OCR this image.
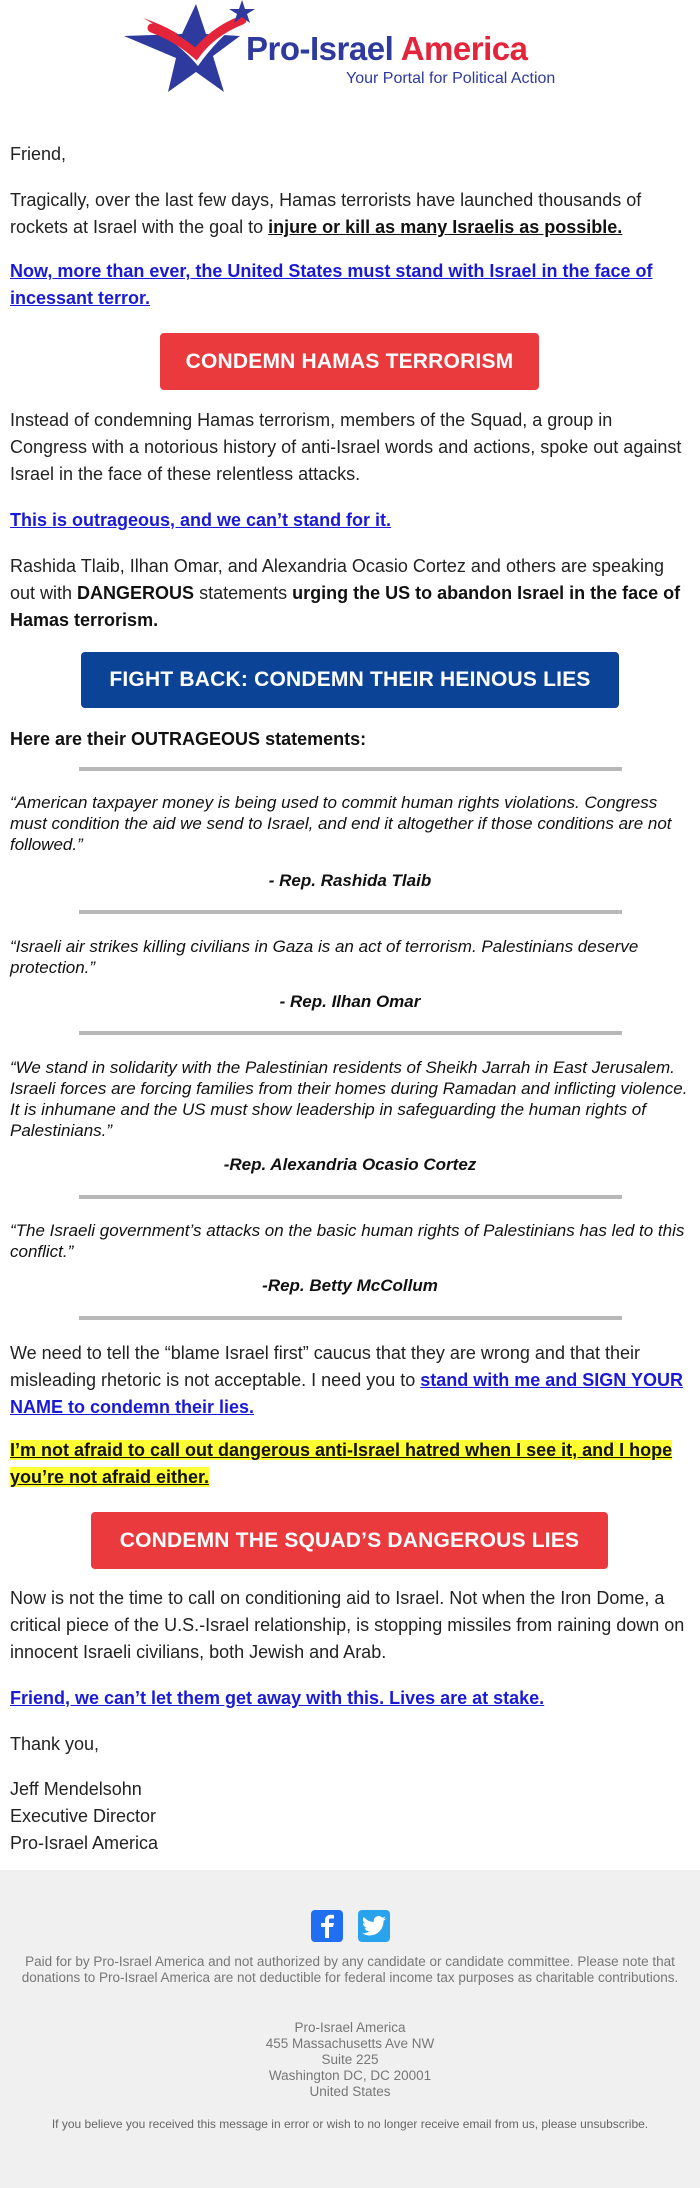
Pro-Israel America
Your Portal for Political Action
Friend,
Tragically, over the last few days, Hamas terrorists have launched thousands of rockets at Israel with the goal to injure or kill as many Israelis as possible.
Now, more than ever, the United States must stand with Israel in the face of incessant terror.
CONDEMN HAMAS TERRORISM
Instead of condemning Hamas terrorism, members of the Squad, a group in Congress with a notorious history of anti-Israel words and actions, spoke out against Israel in the face of these relentless attacks.
This is outrageous, and we can’t stand for it.
Rashida Tlaib, Ilhan Omar, and Alexandria Ocasio Cortez and others are speaking out with DANGEROUS statements urging the US to abandon Israel in the face of Hamas terrorism.
FIGHT BACK: CONDEMN THEIR HEINOUS LIES
Here are their OUTRAGEOUS statements:
“American taxpayer money is being used to commit human rights violations. Congress must condition the aid we send to Israel, and end it altogether if those conditions are not followed.”
- Rep. Rashida Tlaib
“Israeli air strikes killing civilians in Gaza is an act of terrorism. Palestinians deserve protection.”
- Rep. Ilhan Omar
“We stand in solidarity with the Palestinian residents of Sheikh Jarrah in East Jerusalem. Israeli forces are forcing families from their homes during Ramadan and inflicting violence. It is inhumane and the US must show leadership in safeguarding the human rights of Palestinians.”
-Rep. Alexandria Ocasio Cortez
“The Israeli government’s attacks on the basic human rights of Palestinians has led to this conflict.”
-Rep. Betty McCollum
We need to tell the “blame Israel first” caucus that they are wrong and that their misleading rhetoric is not acceptable. I need you to stand with me and SIGN YOUR NAME to condemn their lies.
I’m not afraid to call out dangerous anti-Israel hatred when I see it, and I hope you’re not afraid either.
CONDEMN THE SQUAD’S DANGEROUS LIES
Now is not the time to call on conditioning aid to Israel. Not when the Iron Dome, a critical piece of the U.S.-Israel relationship, is stopping missiles from raining down on innocent Israeli civilians, both Jewish and Arab.
Friend, we can’t let them get away with this. Lives are at stake.
Thank you,
Jeff Mendelsohn
Executive Director
Pro-Israel America
Paid for by Pro-Israel America and not authorized by any candidate or candidate committee. Please note that donations to Pro-Israel America are not deductible for federal income tax purposes as charitable contributions.
Pro-Israel America
455 Massachusetts Ave NW
Suite 225
Washington DC, DC 20001
United States
If you believe you received this message in error or wish to no longer receive email from us, please unsubscribe.
